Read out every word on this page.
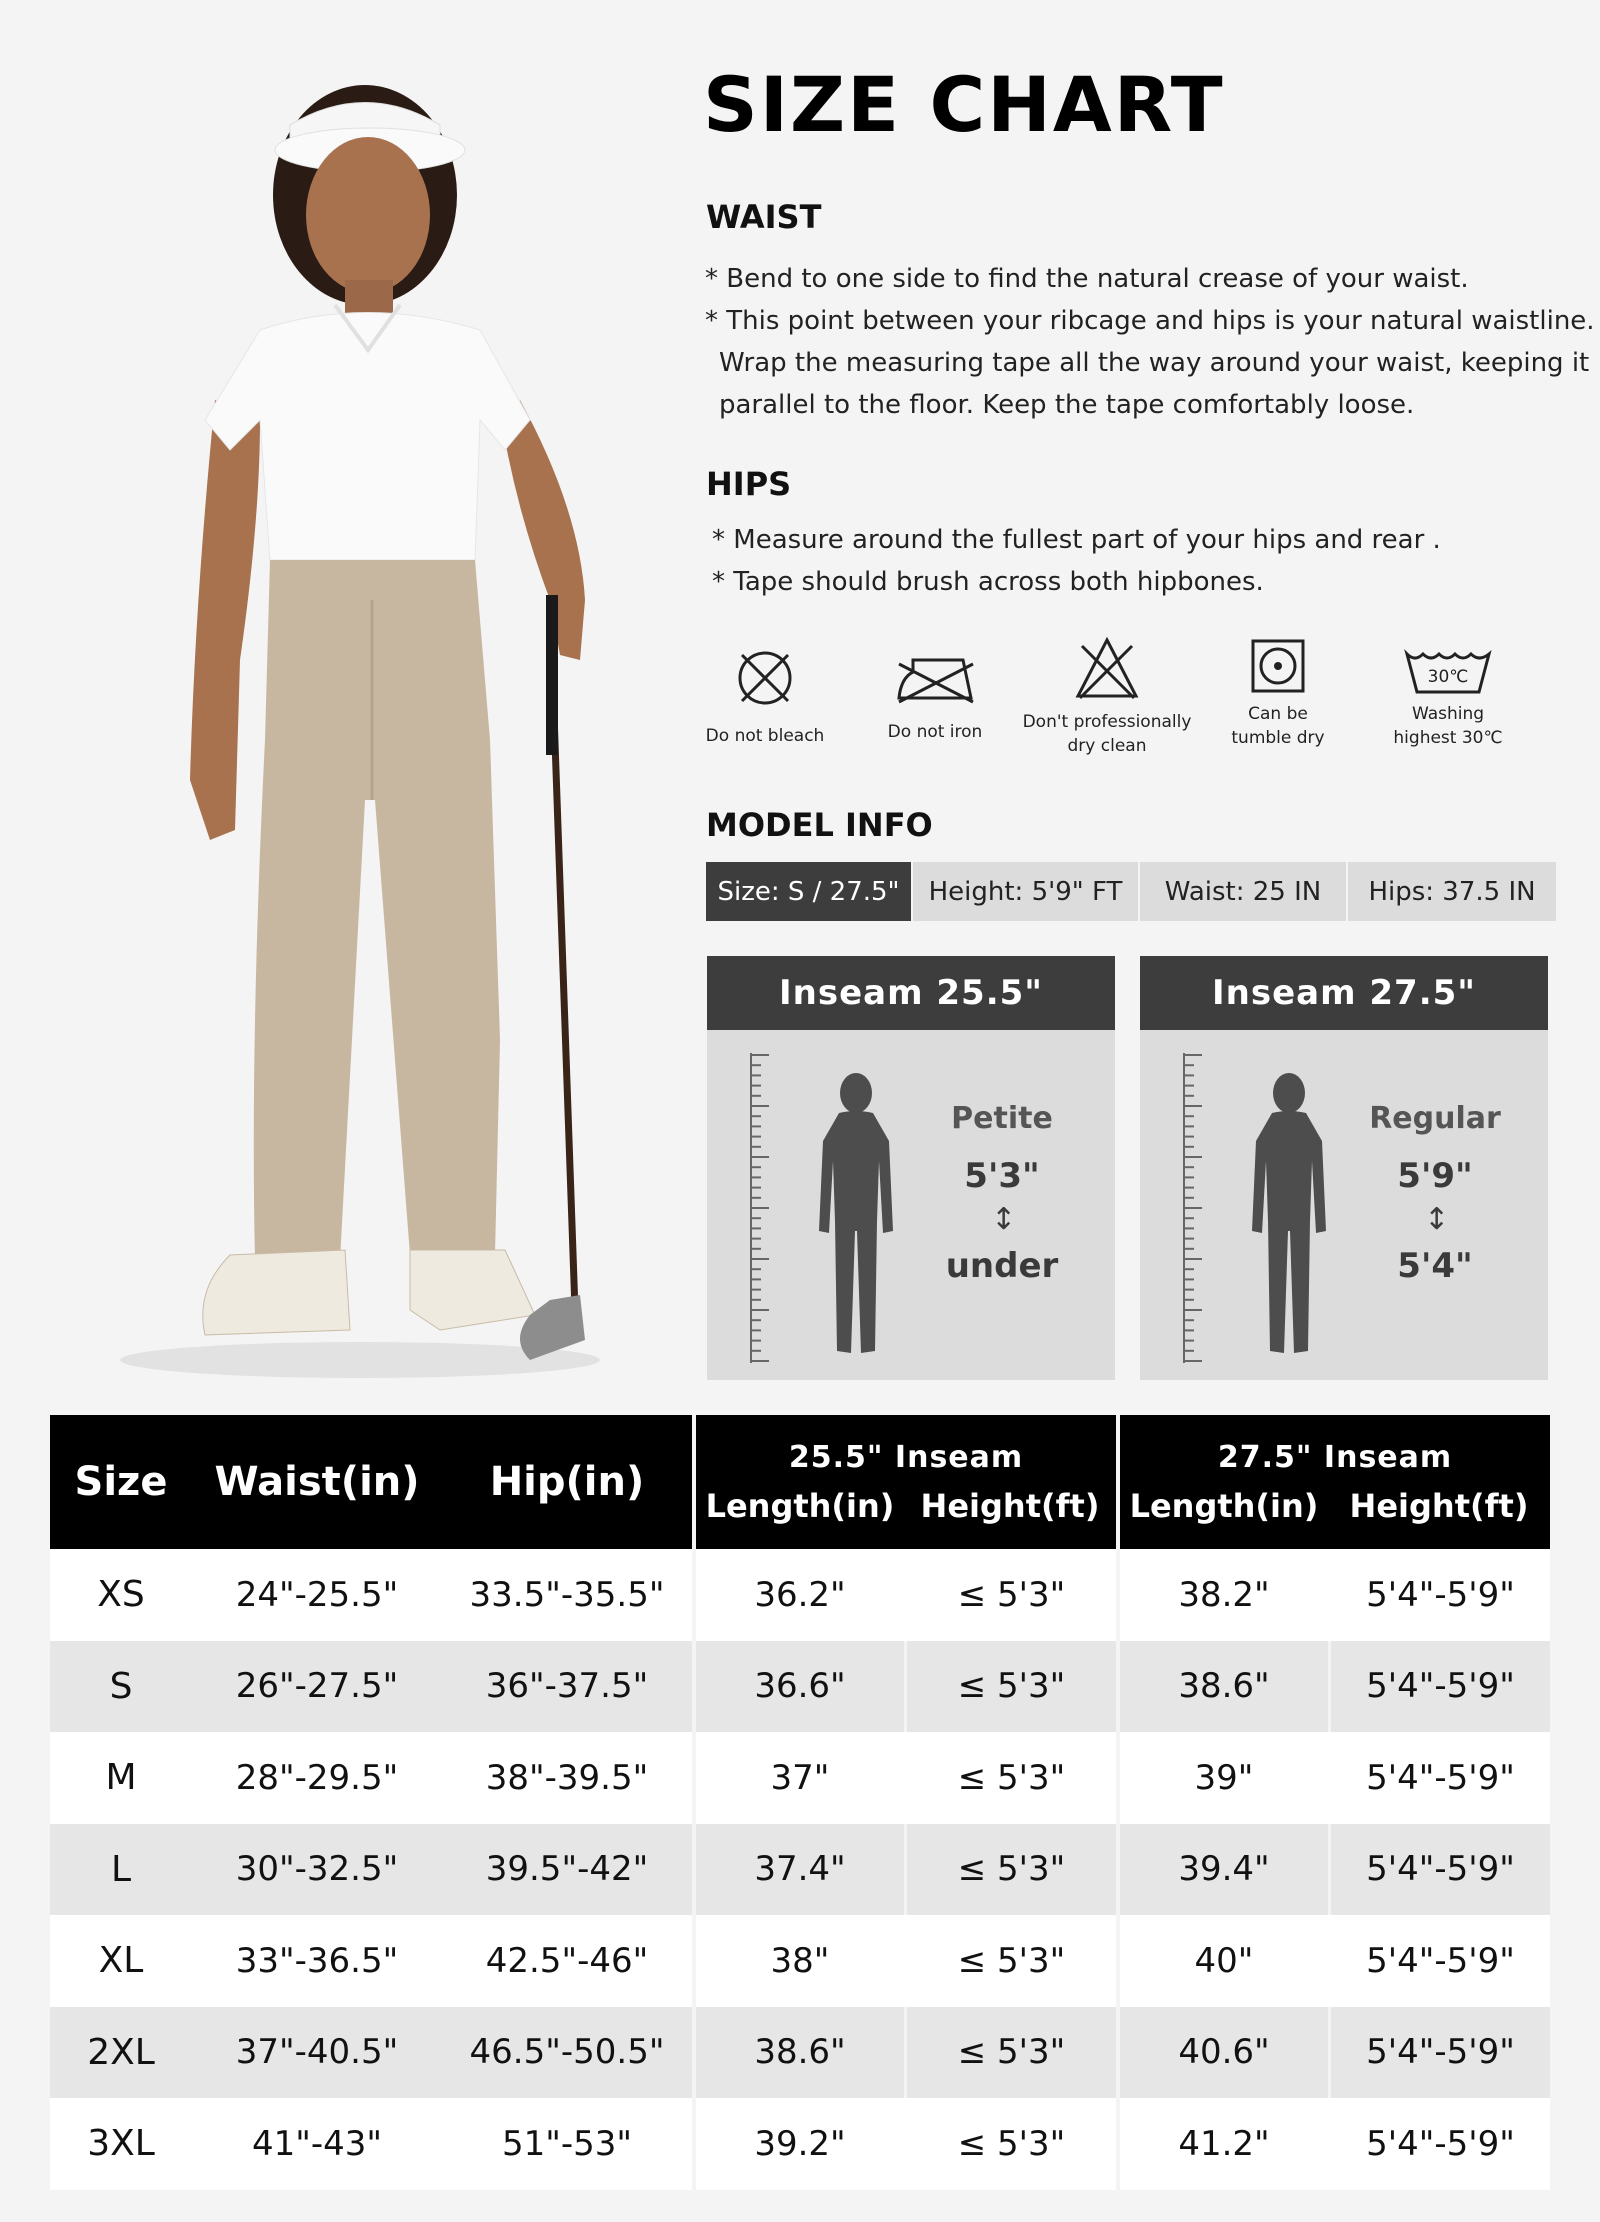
SIZE CHART
WAIST
* Bend to one side to find the natural crease of your waist.
* This point between your ribcage and hips is your natural waistline.
Wrap the measuring tape all the way around your waist, keeping it
parallel to the floor. Keep the tape comfortably loose.
HIPS
* Measure around the fullest part of your hips and rear .
* Tape should brush across both hipbones.
Do not bleach	Do not iron	Don't professionally
dry clean
Can be
tumble dry
30℃
Washing
highest 30℃
MODEL INFO
Size: S / 27.5"	Height: 5'9" FT	Waist: 25 IN	Hips: 37.5 IN
Inseam 25.5"
Petite
5'3"
↕
under
Inseam 27.5"
Regular
5'9"
↕
5'4"
Size	Waist(in)	Hip(in)	25.5" Inseam		27.5" Inseam	
			Length(in)	Height(ft)	Length(in)	Height(ft)
XS	24"-25.5"	33.5"-35.5"	36.2"	≤ 5'3"	38.2"	5'4"-5'9"
S	26"-27.5"	36"-37.5"	36.6"	≤ 5'3"	38.6"	5'4"-5'9"
M	28"-29.5"	38"-39.5"	37"	≤ 5'3"	39"	5'4"-5'9"
L	30"-32.5"	39.5"-42"	37.4"	≤ 5'3"	39.4"	5'4"-5'9"
XL	33"-36.5"	42.5"-46"	38"	≤ 5'3"	40"	5'4"-5'9"
2XL	37"-40.5"	46.5"-50.5"	38.6"	≤ 5'3"	40.6"	5'4"-5'9"
3XL	41"-43"	51"-53"	39.2"	≤ 5'3"	41.2"	5'4"-5'9"
